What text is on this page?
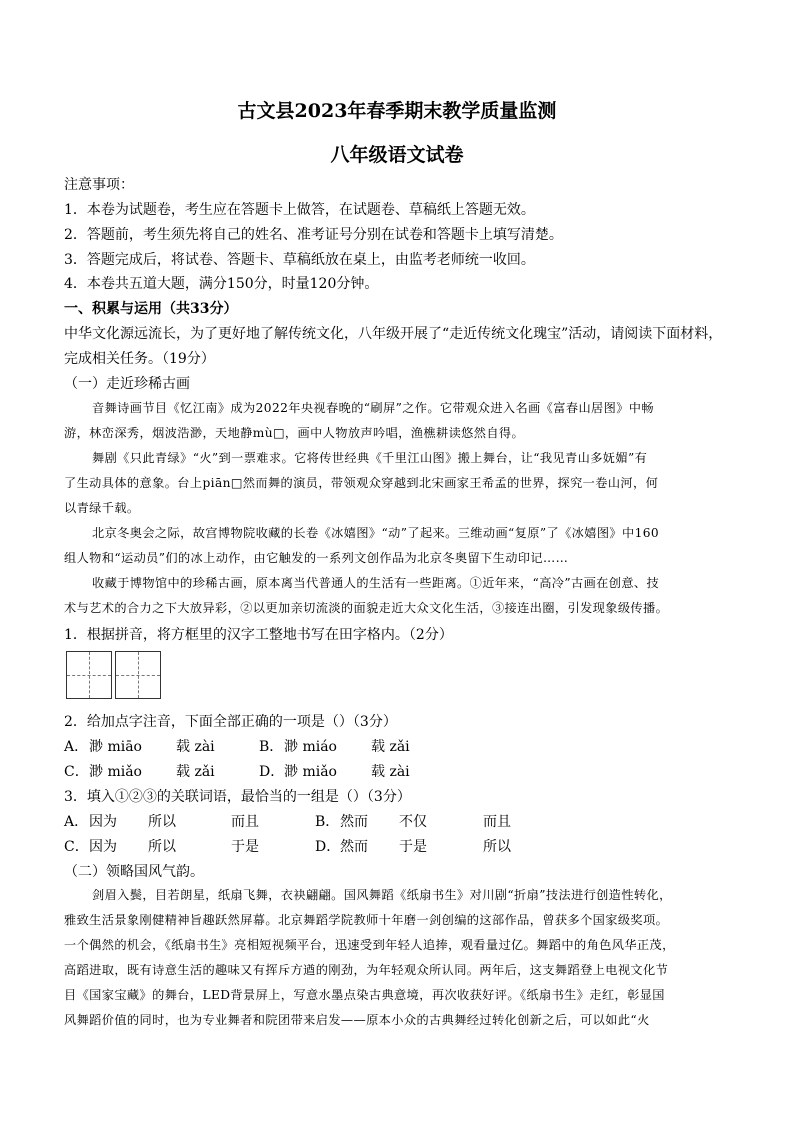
古文县2023年春季期末教学质量监测
八年级语文试卷
注意事项：
1．本卷为试题卷，考生应在答题卡上做答，在试题卷、草稿纸上答题无效。
2．答题前，考生须先将自己的姓名、准考证号分别在试卷和答题卡上填写清楚。
3．答题完成后，将试卷、答题卡、草稿纸放在桌上，由监考老师统一收回。
4．本卷共五道大题，满分150分，时量120分钟。
一、积累与运用（共33分）
中华文化源远流长，为了更好地了解传统文化，八年级开展了“走近传统文化瑰宝”活动，请阅读下面材料，
完成相关任务。（19分）
（一）走近珍稀古画
音舞诗画节目《忆江南》成为2022年央视春晚的“刷屏”之作。它带观众进入名画《富春山居图》中畅
游，林峦深秀，烟波浩渺，天地静mù□，画中人物放声吟唱，渔樵耕读悠然自得。
舞剧《只此青绿》“火”到一票难求。它将传世经典《千里江山图》搬上舞台，让“我见青山多妩媚”有
了生动具体的意象。台上piān□然而舞的演员，带领观众穿越到北宋画家王希孟的世界，探究一卷山河，何
以青绿千载。
北京冬奥会之际，故宫博物院收藏的长卷《冰嬉图》“动”了起来。三维动画“复原”了《冰嬉图》中160
组人物和“运动员”们的冰上动作，由它触发的一系列文创作品为北京冬奥留下生动印记……
收藏于博物馆中的珍稀古画，原本离当代普通人的生活有一些距离。①近年来，“高冷”古画在创意、技
术与艺术的合力之下大放异彩，②以更加亲切流淡的面貌走近大众文化生活，③接连出圈，引发现象级传播。
1．根据拼音，将方框里的汉字工整地书写在田字格内。（2分）
2．给加点字注音，下面全部正确的一项是（）（3分）
A． 渺 miāo 载 zài	B． 渺 miáo 载 zǎi
C． 渺 miǎo 载 zǎi	D． 渺 miǎo 载 zài
3．填入①②③的关联词语，最恰当的一组是（）（3分）
A． 因为 所以	而且	B． 然而 不仅	而且
C． 因为 所以	于是	D． 然而 于是	所以
（二）领略国风气韵。
剑眉入鬓，目若朗星，纸扇飞舞，衣袂翩翩。国风舞蹈《纸扇书生》对川剧“折扇”技法进行创造性转化，
雅致生活景象刚健精神旨趣跃然屏幕。北京舞蹈学院教师十年磨一剑创编的这部作品，曾获多个国家级奖项。
一个偶然的机会，《纸扇书生》亮相短视频平台，迅速受到年轻人追捧，观看量过亿。舞蹈中的角色风华正茂，
高蹈进取，既有诗意生活的趣味又有挥斥方遒的刚劲，为年轻观众所认同。两年后，这支舞蹈登上电视文化节
目《国家宝藏》的舞台，LED背景屏上，写意水墨点染古典意境，再次收获好评。《纸扇书生》走红，彰显国
风舞蹈价值的同时，也为专业舞者和院团带来启发——原本小众的古典舞经过转化创新之后，可以如此“火
